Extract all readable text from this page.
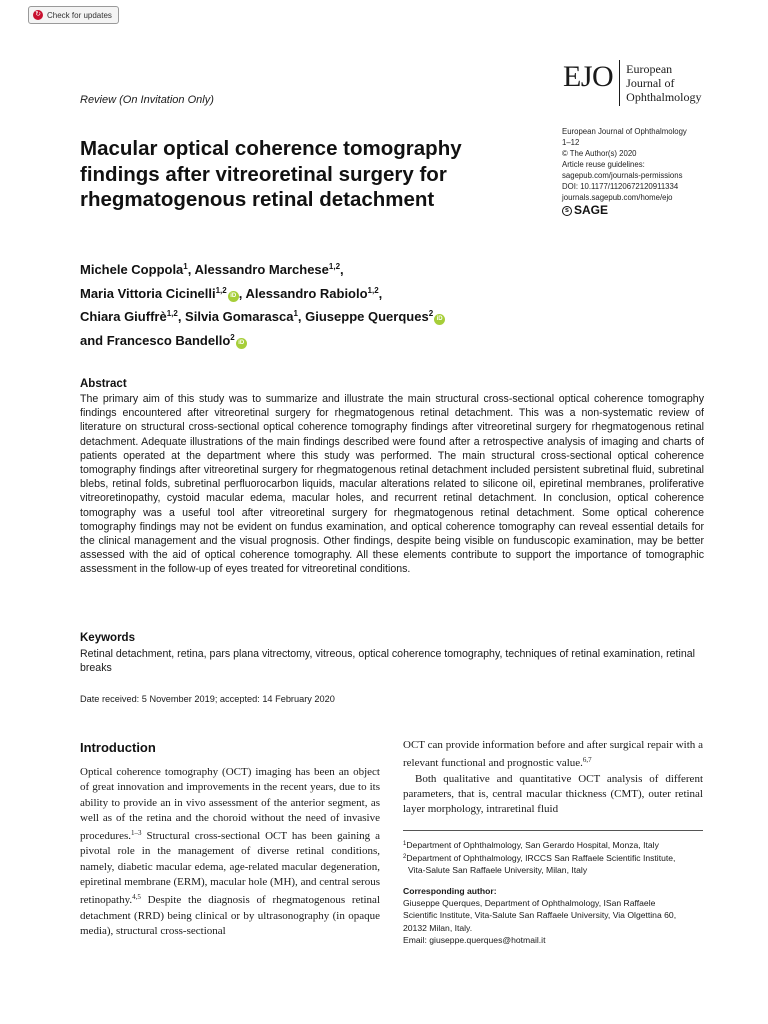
↻ Check for updates
EJO European
Journal of
Ophthalmology
Review (On Invitation Only)
Macular optical coherence tomography findings after vitreoretinal surgery for rhegmatogenous retinal detachment
European Journal of Ophthalmology
1–12
© The Author(s) 2020
Article reuse guidelines:
sagepub.com/journals-permissions
DOI: 10.1177/1120672120911334
journals.sagepub.com/home/ejo
s SAGE
Michele Coppola$^1$, Alessandro Marchese$^{1,2}$,
Maria Vittoria Cicinelli$^{1,2}$iD , Alessandro Rabiolo$^{1,2}$,
Chiara Giuffrè$^{1,2}$, Silvia Gomarasca$^1$, Giuseppe Querques$^2$iD
and Francesco Bandello$^2$iD
Abstract

The primary aim of this study was to summarize and illustrate the main structural cross-sectional optical coherence tomography findings encountered after vitreoretinal surgery for rhegmatogenous retinal detachment. This was a non-systematic review of literature on structural cross-sectional optical coherence tomography findings after vitreoretinal surgery for rhegmatogenous retinal detachment. Adequate illustrations of the main findings described were found after a retrospective analysis of imaging and charts of patients operated at the department where this study was performed. The main structural cross-sectional optical coherence tomography findings after vitreoretinal surgery for rhegmatogenous retinal detachment included persistent subretinal fluid, subretinal blebs, retinal folds, subretinal perfluorocarbon liquids, macular alterations related to silicone oil, epiretinal membranes, proliferative vitreoretinopathy, cystoid macular edema, macular holes, and recurrent retinal detachment. In conclusion, optical coherence tomography was a useful tool after vitreoretinal surgery for rhegmatogenous retinal detachment. Some optical coherence tomography findings may not be evident on fundus examination, and optical coherence tomography can reveal essential details for the clinical management and the visual prognosis. Other findings, despite being visible on funduscopic examination, may be better assessed with the aid of optical coherence tomography. All these elements contribute to support the importance of tomographic assessment in the follow-up of eyes treated for vitreoretinal conditions.

Keywords

Retinal detachment, retina, pars plana vitrectomy, vitreous, optical coherence tomography, techniques of retinal examination, retinal breaks

Date received: 5 November 2019; accepted: 14 February 2020
Introduction

Optical coherence tomography (OCT) imaging has been an object of great innovation and improvements in the recent years, due to its ability to provide an in vivo assessment of the anterior segment, as well as of the retina and the choroid without the need of invasive procedures.$^{1-3}$ Structural cross-sectional OCT has been gaining a pivotal role in the management of diverse retinal conditions, namely, diabetic macular edema, age-related macular degeneration, epiretinal membrane (ERM), macular hole (MH), and central serous retinopathy.$^{4,5}$ Despite the diagnosis of rhegmatogenous retinal detachment (RRD) being clinical or by ultrasonography (in opaque media), structural cross-sectional

OCT can provide information before and after surgical repair with a relevant functional and prognostic value.$^{6,7}$

Both qualitative and quantitative OCT analysis of different parameters, that is, central macular thickness (CMT), outer retinal layer morphology, intraretinal fluid

$^1$Department of Ophthalmology, San Gerardo Hospital, Monza, Italy
$^2$Department of Ophthalmology, IRCCS San Raffaele Scientific Institute,
Vita-Salute San Raffaele University, Milan, Italy
Corresponding author:
Giuseppe Querques, Department of Ophthalmology, ISan Raffaele
Scientific Institute, Vita-Salute San Raffaele University, Via Olgettina 60,
20132 Milan, Italy.
Email: giuseppe.querques@hotmail.it
